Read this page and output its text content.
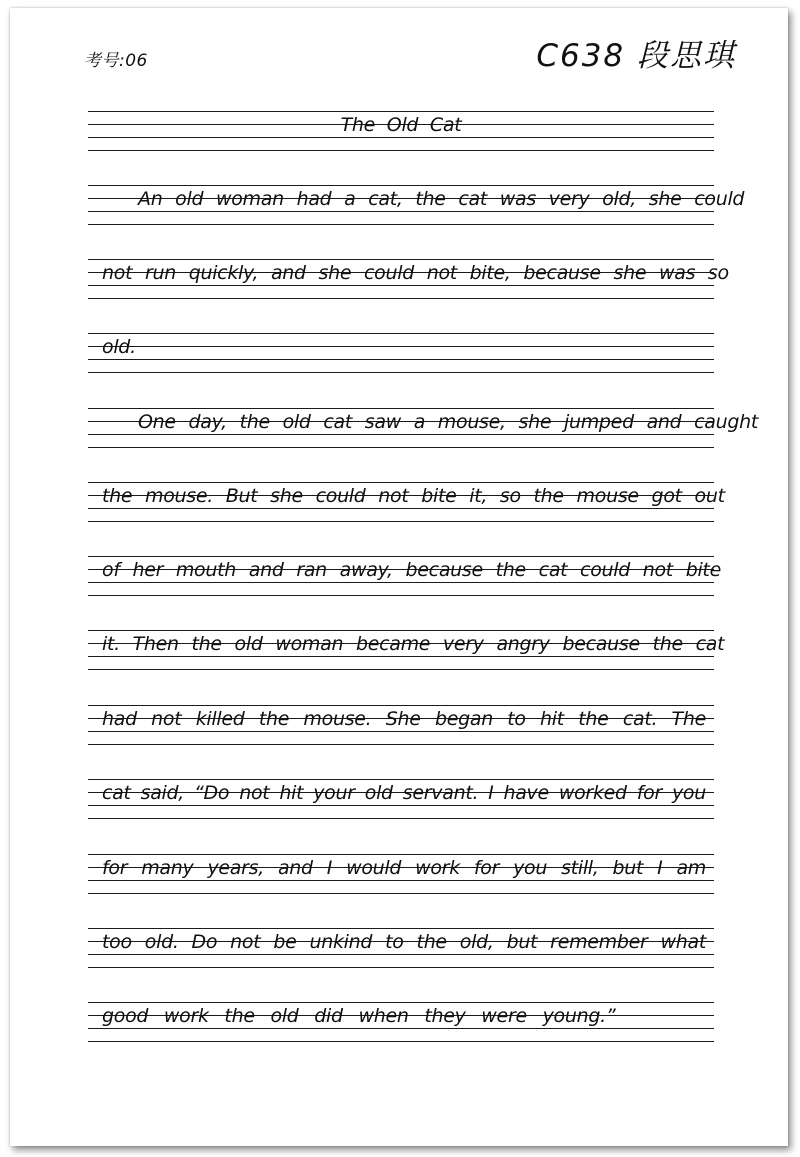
考号:06	C638 段思琪
The Old Cat
An old woman had a cat, the cat was very old, she could
not run quickly, and she could not bite, because she was so
old.
One day, the old cat saw a mouse, she jumped and caught
the mouse. But she could not bite it, so the mouse got out
of her mouth and ran away, because the cat could not bite
it. Then the old woman became very angry because the cat
had not killed the mouse. She began to hit the cat. The
cat said, “Do not hit your old servant. I have worked for you
for many years, and I would work for you still, but I am
too old. Do not be unkind to the old, but remember what
good work the old did when they were young.”
